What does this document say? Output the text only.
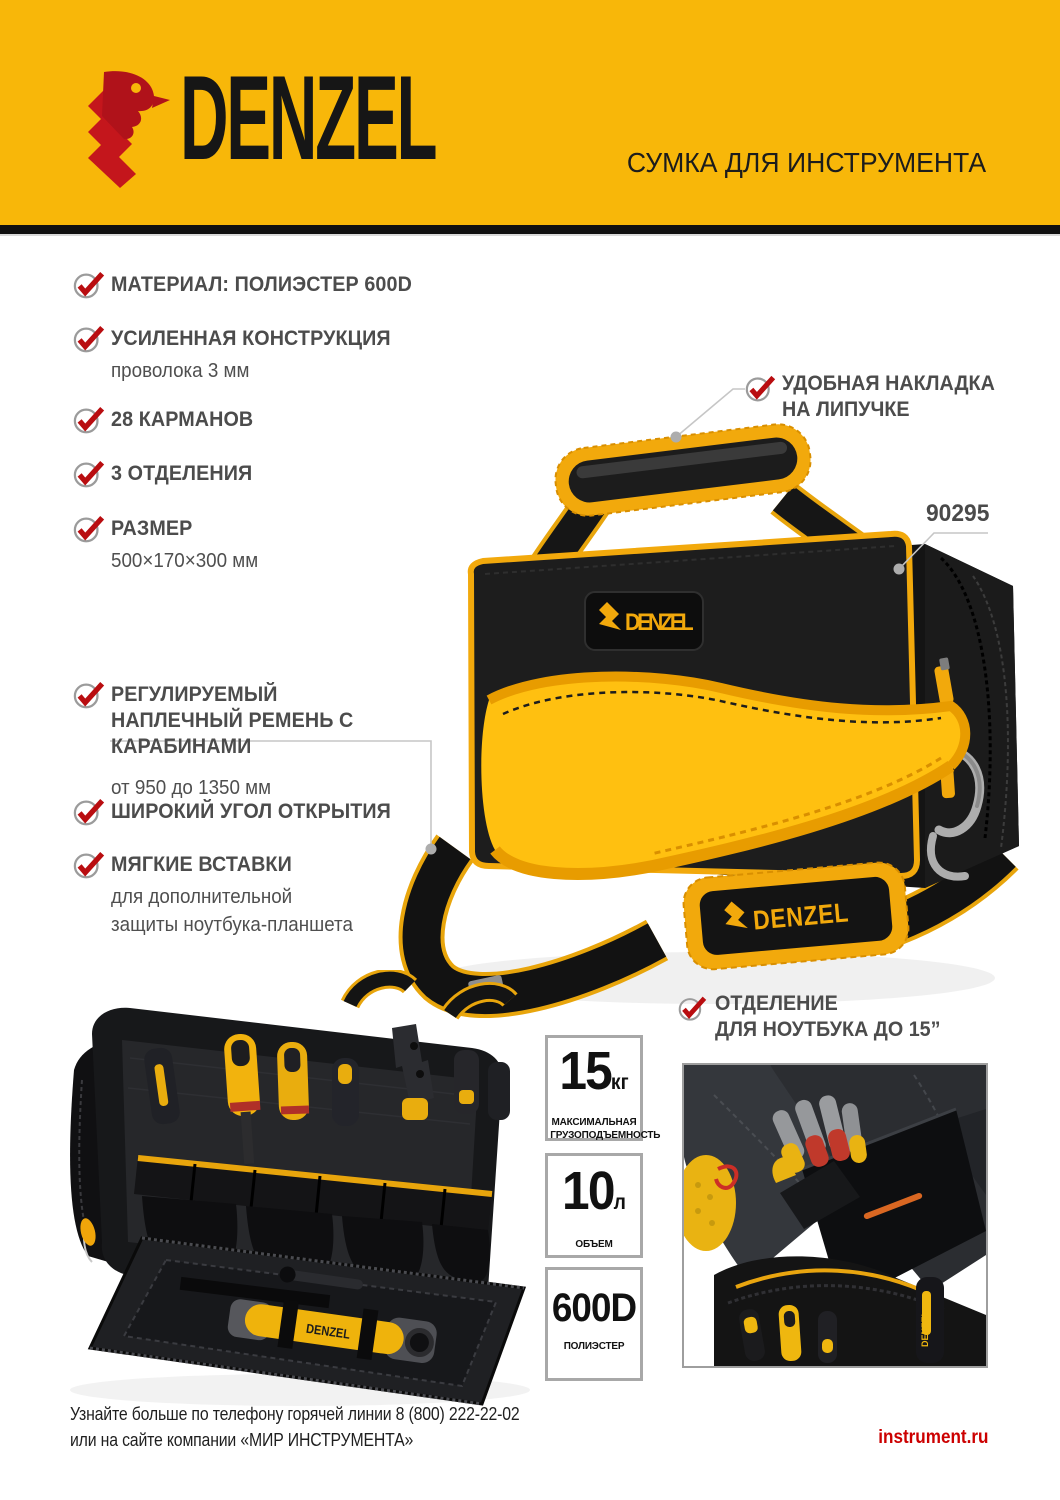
DENZEL	СУМКА ДЛЯ ИНСТРУМЕНТА
DENZEL
DENZEL
DENZEL	DENZEL
МАТЕРИАЛ: ПОЛИЭСТЕР 600D
УСИЛЕННАЯ КОНСТРУКЦИЯ
проволока 3 мм
28 КАРМАНОВ
3 ОТДЕЛЕНИЯ
РАЗМЕР
500×170×300 мм
РЕГУЛИРУЕМЫЙ НАПЛЕЧНЫЙ РЕМЕНЬ С КАРАБИНАМИ
от 950 до 1350 мм
ШИРОКИЙ УГОЛ ОТКРЫТИЯ
МЯГКИЕ ВСТАВКИ
для дополнительной защиты ноутбука-планшета
УДОБНАЯ НАКЛАДКА
НА ЛИПУЧКЕ
90295
ОТДЕЛЕНИЕ
ДЛЯ НОУТБУКА ДО 15”
15кг
МАКСИМАЛЬНАЯ
ГРУЗОПОДЪЕМНОСТЬ
10л
ОБЪЕМ
600D
ПОЛИЭСТЕР
Узнайте больше по телефону горячей линии 8 (800) 222-22-02
или на сайте компании «МИР ИНСТРУМЕНТА»	instrument.ru
